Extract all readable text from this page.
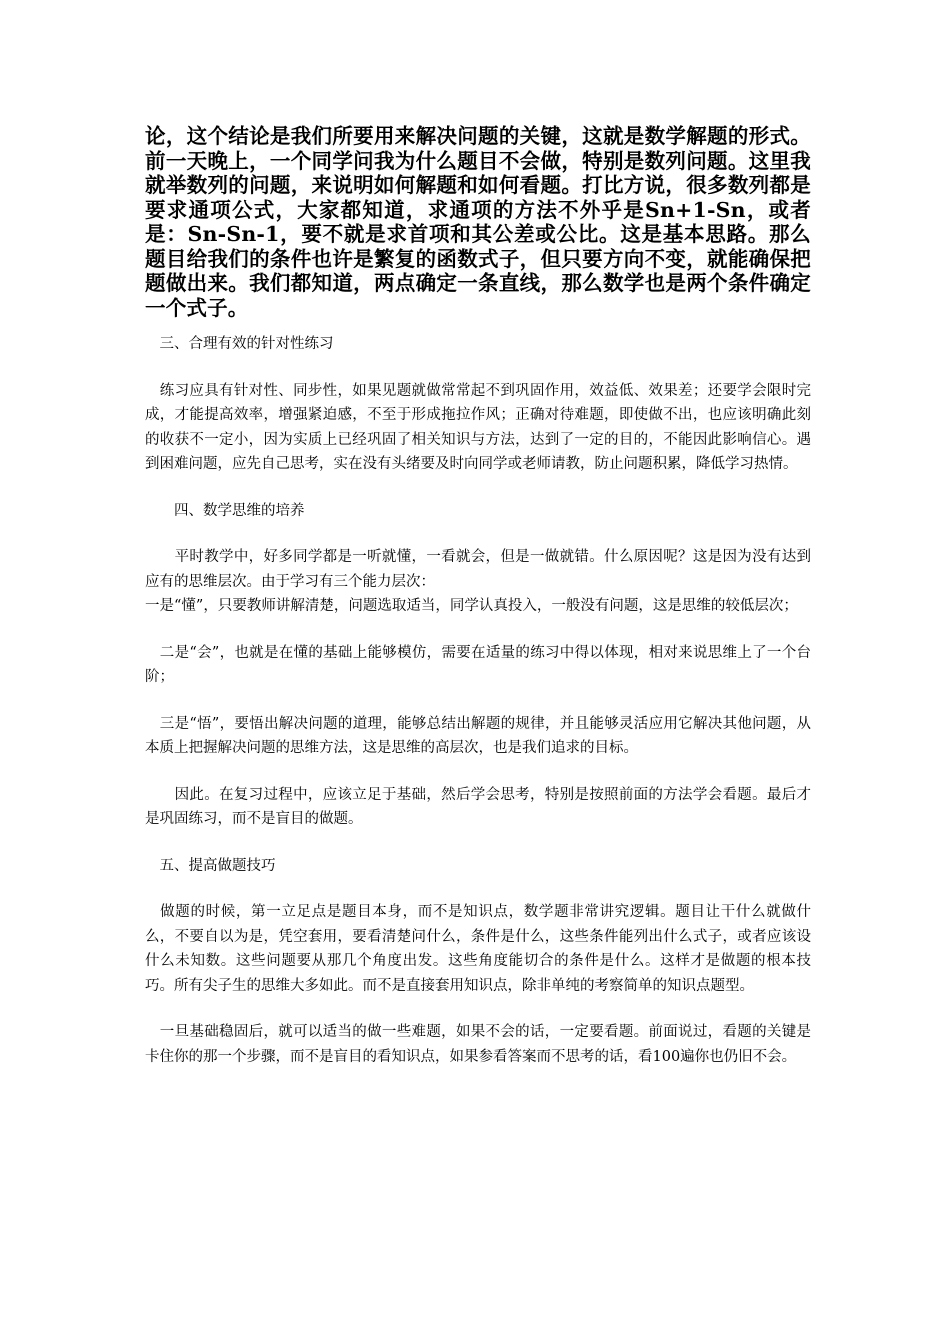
论，这个结论是我们所要用来解决问题的关键，这就是数学解题的形式。前一天晚上，一个同学问我为什么题目不会做，特别是数列问题。这里我就举数列的问题，来说明如何解题和如何看题。打比方说，很多数列都是要求通项公式，大家都知道，求通项的方法不外乎是Sn+1-Sn，或者是：Sn-Sn-1，要不就是求首项和其公差或公比。这是基本思路。那么题目给我们的条件也许是繁复的函数式子，但只要方向不变，就能确保把题做出来。我们都知道，两点确定一条直线，那么数学也是两个条件确定一个式子。

　三、合理有效的针对性练习

　练习应具有针对性、同步性，如果见题就做常常起不到巩固作用，效益低、效果差；还要学会限时完成，才能提高效率，增强紧迫感，不至于形成拖拉作风；正确对待难题，即使做不出，也应该明确此刻的收获不一定小，因为实质上已经巩固了相关知识与方法，达到了一定的目的，不能因此影响信心。遇到困难问题，应先自己思考，实在没有头绪要及时向同学或老师请教，防止问题积累，降低学习热情。

　　四、数学思维的培养

　　平时教学中，好多同学都是一听就懂，一看就会，但是一做就错。什么原因呢？这是因为没有达到应有的思维层次。由于学习有三个能力层次：

一是“懂”，只要教师讲解清楚，问题选取适当，同学认真投入，一般没有问题，这是思维的较低层次；

　二是“会”，也就是在懂的基础上能够模仿，需要在适量的练习中得以体现，相对来说思维上了一个台阶；

　三是“悟”，要悟出解决问题的道理，能够总结出解题的规律，并且能够灵活应用它解决其他问题，从本质上把握解决问题的思维方法，这是思维的高层次，也是我们追求的目标。

　　因此。在复习过程中，应该立足于基础，然后学会思考，特别是按照前面的方法学会看题。最后才是巩固练习，而不是盲目的做题。

　五、提高做题技巧

　做题的时候，第一立足点是题目本身，而不是知识点，数学题非常讲究逻辑。题目让干什么就做什么，不要自以为是，凭空套用，要看清楚问什么，条件是什么，这些条件能列出什么式子，或者应该设什么未知数。这些问题要从那几个角度出发。这些角度能切合的条件是什么。这样才是做题的根本技巧。所有尖子生的思维大多如此。而不是直接套用知识点，除非单纯的考察简单的知识点题型。

　一旦基础稳固后，就可以适当的做一些难题，如果不会的话，一定要看题。前面说过，看题的关键是卡住你的那一个步骤，而不是盲目的看知识点，如果参看答案而不思考的话，看100遍你也仍旧不会。
